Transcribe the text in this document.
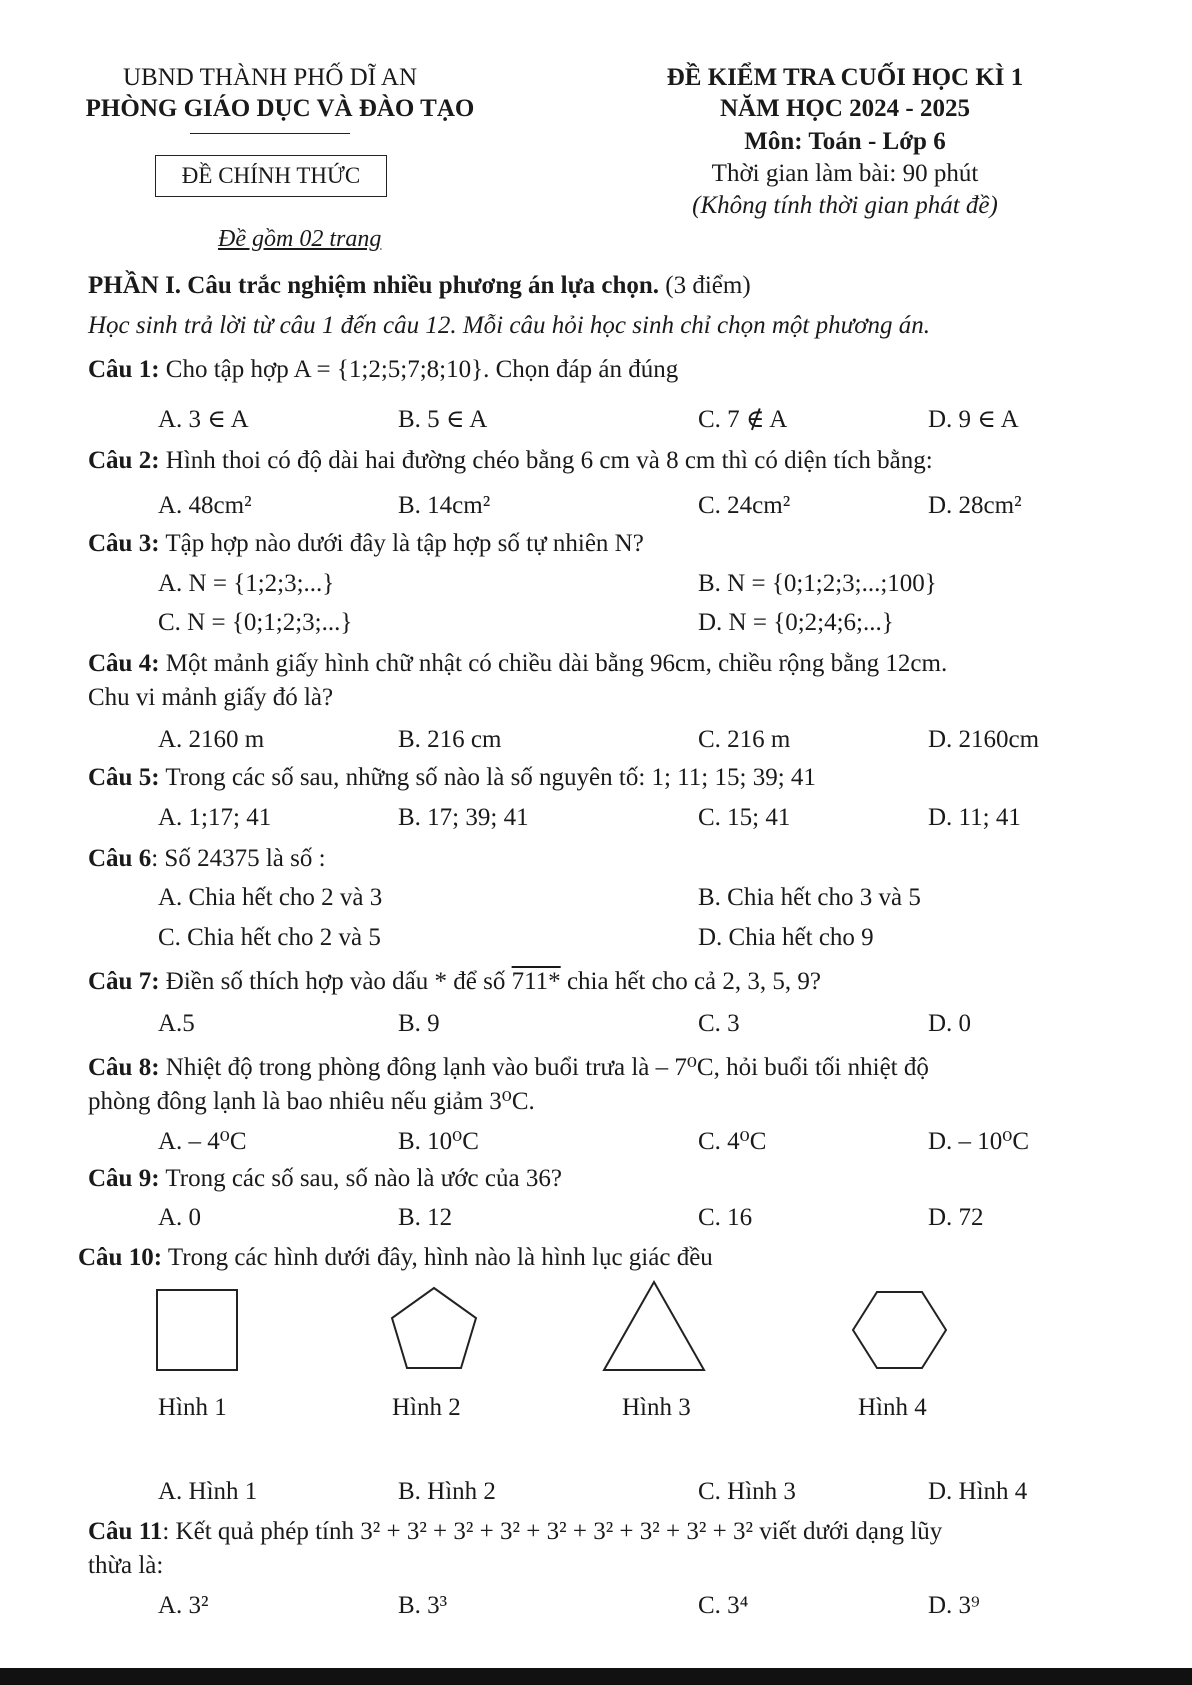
UBND THÀNH PHỐ DĨ AN
PHÒNG GIÁO DỤC VÀ ĐÀO TẠO
ĐỀ CHÍNH THỨC
Đề gồm 02 trang
ĐỀ KIỂM TRA CUỐI HỌC KÌ 1
NĂM HỌC 2024 - 2025
Môn: Toán - Lớp 6
Thời gian làm bài: 90 phút
(Không tính thời gian phát đề)
PHẦN I. Câu trắc nghiệm nhiều phương án lựa chọn. (3 điểm)
Học sinh trả lời từ câu 1 đến câu 12. Mỗi câu hỏi học sinh chỉ chọn một phương án.
Câu 1: Cho tập hợp A = {1;2;5;7;8;10}. Chọn đáp án đúng
A. 3 ∈ A	B. 5 ∈ A	C. 7 ∉ A	D. 9 ∈ A
Câu 2: Hình thoi có độ dài hai đường chéo bằng 6 cm và 8 cm thì có diện tích bằng:
A. 48cm²	B. 14cm²	C. 24cm²	D. 28cm²
Câu 3: Tập hợp nào dưới đây là tập hợp số tự nhiên N?
A. N = {1;2;3;...}	B. N = {0;1;2;3;...;100}
C. N = {0;1;2;3;...}	D. N = {0;2;4;6;...}
Câu 4: Một mảnh giấy hình chữ nhật có chiều dài bằng 96cm, chiều rộng bằng 12cm.
Chu vi mảnh giấy đó là?
A. 2160 m	B. 216 cm	C. 216 m	D. 2160cm
Câu 5: Trong các số sau, những số nào là số nguyên tố: 1; 11; 15; 39; 41
A. 1;17; 41	B. 17; 39; 41	C. 15; 41	D. 11; 41
Câu 6: Số 24375 là số :
A. Chia hết cho 2 và 3	B. Chia hết cho 3 và 5
C. Chia hết cho 2 và 5	D. Chia hết cho 9
Câu 7: Điền số thích hợp vào dấu * để số 711* chia hết cho cả 2, 3, 5, 9?
A.5	B. 9	C. 3	D. 0
Câu 8: Nhiệt độ trong phòng đông lạnh vào buổi trưa là – 7⁰C, hỏi buổi tối nhiệt độ
phòng đông lạnh là bao nhiêu nếu giảm 3⁰C.
A. – 4⁰C	B. 10⁰C	C. 4⁰C	D. – 10⁰C
Câu 9: Trong các số sau, số nào là ước của 36?
A. 0	B. 12	C. 16	D. 72
Câu 10: Trong các hình dưới đây, hình nào là hình lục giác đều
Hình 1	Hình 2	Hình 3	Hình 4
A. Hình 1	B. Hình 2	C. Hình 3	D. Hình 4
Câu 11: Kết quả phép tính 3² + 3² + 3² + 3² + 3² + 3² + 3² + 3² + 3² viết dưới dạng lũy
thừa là:
A. 3²	B. 3³	C. 3⁴	D. 3⁹
